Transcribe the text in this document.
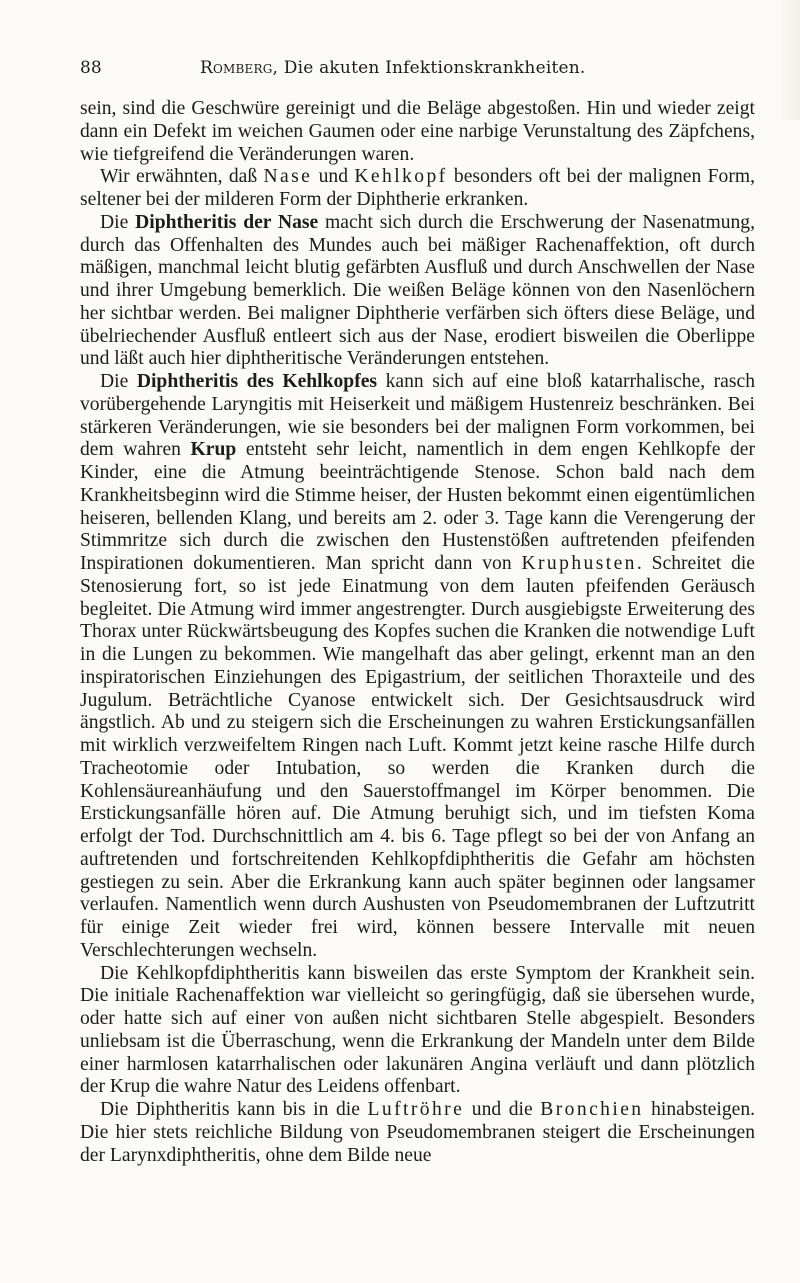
88	Romberg, Die akuten Infektionskrankheiten.

sein, sind die Geschwüre gereinigt und die Beläge abgestoßen. Hin und wieder zeigt dann ein Defekt im weichen Gaumen oder eine narbige Verunstaltung des Zäpfchens, wie tiefgreifend die Veränderungen waren.

Wir erwähnten, daß Nase und Kehlkopf besonders oft bei der malignen Form, seltener bei der milderen Form der Diphtherie erkranken.

Die Diphtheritis der Nase macht sich durch die Erschwerung der Nasenatmung, durch das Offenhalten des Mundes auch bei mäßiger Rachenaffektion, oft durch mäßigen, manchmal leicht blutig gefärbten Ausfluß und durch Anschwellen der Nase und ihrer Umgebung bemerklich. Die weißen Beläge können von den Nasenlöchern her sichtbar werden. Bei maligner Diphtherie verfärben sich öfters diese Beläge, und übelriechender Ausfluß entleert sich aus der Nase, erodiert bisweilen die Oberlippe und läßt auch hier diphtheritische Veränderungen entstehen.

Die Diphtheritis des Kehlkopfes kann sich auf eine bloß katarrhalische, rasch vorübergehende Laryngitis mit Heiserkeit und mäßigem Hustenreiz beschränken. Bei stärkeren Veränderungen, wie sie besonders bei der malignen Form vorkommen, bei dem wahren Krup entsteht sehr leicht, namentlich in dem engen Kehlkopfe der Kinder, eine die Atmung beeinträchtigende Stenose. Schon bald nach dem Krankheitsbeginn wird die Stimme heiser, der Husten bekommt einen eigentümlichen heiseren, bellenden Klang, und bereits am 2. oder 3. Tage kann die Verengerung der Stimmritze sich durch die zwischen den Hustenstößen auftretenden pfeifenden Inspirationen dokumentieren. Man spricht dann von Kruphusten. Schreitet die Stenosierung fort, so ist jede Einatmung von dem lauten pfeifenden Geräusch begleitet. Die Atmung wird immer angestrengter. Durch ausgiebigste Erweiterung des Thorax unter Rückwärtsbeugung des Kopfes suchen die Kranken die notwendige Luft in die Lungen zu bekommen. Wie mangelhaft das aber gelingt, erkennt man an den inspiratorischen Einziehungen des Epigastrium, der seitlichen Thoraxteile und des Jugulum. Beträchtliche Cyanose entwickelt sich. Der Gesichtsausdruck wird ängstlich. Ab und zu steigern sich die Erscheinungen zu wahren Erstickungsanfällen mit wirklich verzweifeltem Ringen nach Luft. Kommt jetzt keine rasche Hilfe durch Tracheotomie oder Intubation, so werden die Kranken durch die Kohlensäureanhäufung und den Sauerstoffmangel im Körper benommen. Die Erstickungsanfälle hören auf. Die Atmung beruhigt sich, und im tiefsten Koma erfolgt der Tod. Durchschnittlich am 4. bis 6. Tage pflegt so bei der von Anfang an auftretenden und fortschreitenden Kehlkopfdiphtheritis die Gefahr am höchsten gestiegen zu sein. Aber die Erkrankung kann auch später beginnen oder langsamer verlaufen. Namentlich wenn durch Aushusten von Pseudomembranen der Luftzutritt für einige Zeit wieder frei wird, können bessere Intervalle mit neuen Verschlechterungen wechseln.

Die Kehlkopfdiphtheritis kann bisweilen das erste Symptom der Krankheit sein. Die initiale Rachenaffektion war vielleicht so geringfügig, daß sie übersehen wurde, oder hatte sich auf einer von außen nicht sichtbaren Stelle abgespielt. Besonders unliebsam ist die Überraschung, wenn die Erkrankung der Mandeln unter dem Bilde einer harmlosen katarrhalischen oder lakunären Angina verläuft und dann plötzlich der Krup die wahre Natur des Leidens offenbart.

Die Diphtheritis kann bis in die Luftröhre und die Bronchien hinabsteigen. Die hier stets reichliche Bildung von Pseudomembranen steigert die Erscheinungen der Larynxdiphtheritis, ohne dem Bilde neue
